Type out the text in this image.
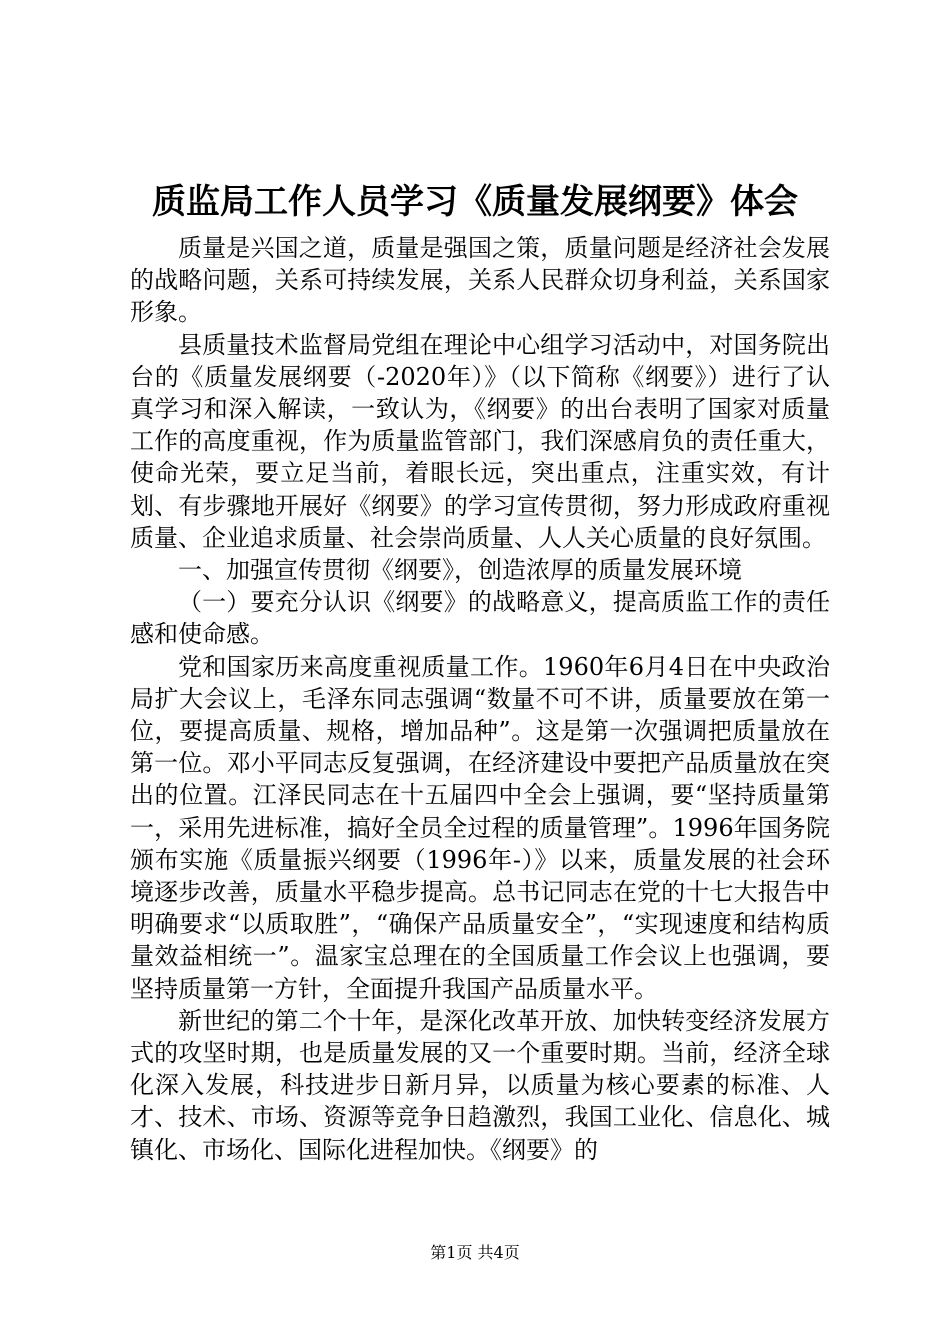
质监局工作人员学习《质量发展纲要》体会

质量是兴国之道，质量是强国之策，质量问题是经济社会发展的战略问题，关系可持续发展，关系人民群众切身利益，关系国家形象。

县质量技术监督局党组在理论中心组学习活动中，对国务院出台的《质量发展纲要（-2020年）》（以下简称《纲要》）进行了认真学习和深入解读，一致认为，《纲要》的出台表明了国家对质量工作的高度重视，作为质量监管部门，我们深感肩负的责任重大，使命光荣，要立足当前，着眼长远，突出重点，注重实效，有计划、有步骤地开展好《纲要》的学习宣传贯彻，努力形成政府重视质量、企业追求质量、社会崇尚质量、人人关心质量的良好氛围。

一、加强宣传贯彻《纲要》，创造浓厚的质量发展环境

（一）要充分认识《纲要》的战略意义，提高质监工作的责任感和使命感。

党和国家历来高度重视质量工作。1960年6月4日在中央政治局扩大会议上，毛泽东同志强调“数量不可不讲，质量要放在第一位，要提高质量、规格，增加品种”。这是第一次强调把质量放在第一位。邓小平同志反复强调，在经济建设中要把产品质量放在突出的位置。江泽民同志在十五届四中全会上强调，要“坚持质量第一，采用先进标准，搞好全员全过程的质量管理”。1996年国务院颁布实施《质量振兴纲要（1996年-）》以来，质量发展的社会环境逐步改善，质量水平稳步提高。总书记同志在党的十七大报告中明确要求“以质取胜”，“确保产品质量安全”，“实现速度和结构质量效益相统一”。温家宝总理在的全国质量工作会议上也强调，要坚持质量第一方针，全面提升我国产品质量水平。

新世纪的第二个十年，是深化改革开放、加快转变经济发展方式的攻坚时期，也是质量发展的又一个重要时期。当前，经济全球化深入发展，科技进步日新月异，以质量为核心要素的标准、人才、技术、市场、资源等竞争日趋激烈，我国工业化、信息化、城镇化、市场化、国际化进程加快。《纲要》的

第1页 共4页
